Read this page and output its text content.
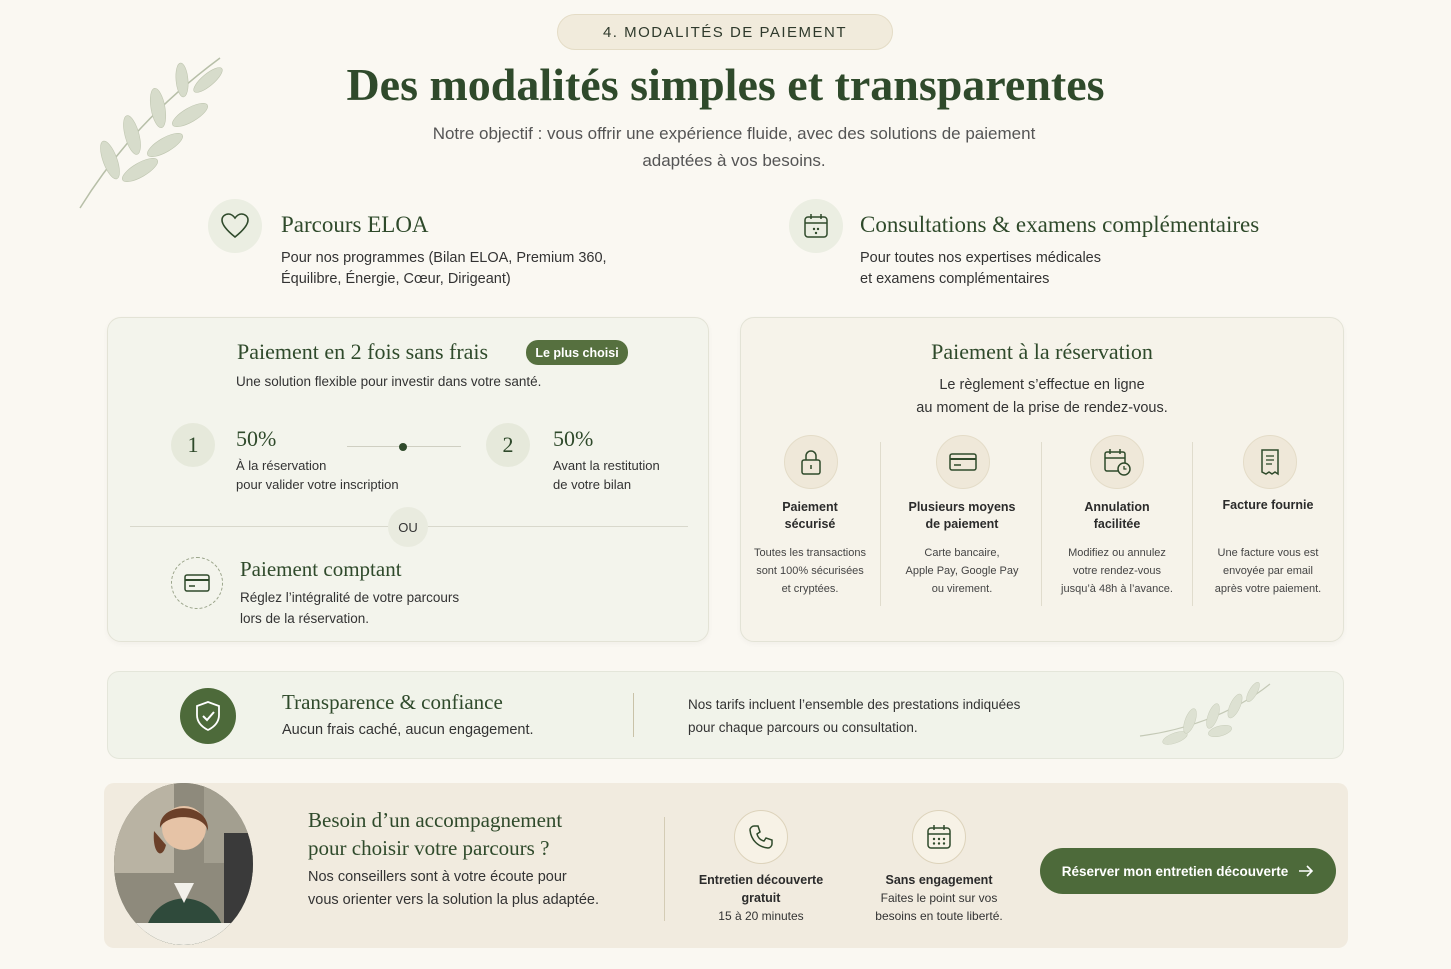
4. MODALITÉS DE PAIEMENT
Des modalités simples et transparentes
Notre objectif : vous offrir une expérience fluide, avec des solutions de paiement
adaptées à vos besoins.
Parcours ELOA
Pour nos programmes (Bilan ELOA, Premium 360,
Équilibre, Énergie, Cœur, Dirigeant)
Consultations & examens complémentaires
Pour toutes nos expertises médicales
et examens complémentaires
Paiement en 2 fois sans frais	Le plus choisi
Une solution flexible pour investir dans votre santé.
1	50%
À la réservation
pour valider votre inscription
2	50%
Avant la restitution
de votre bilan
OU
Paiement comptant
Réglez l’intégralité de votre parcours
lors de la réservation.
Paiement à la réservation
Le règlement s’effectue en ligne
au moment de la prise de rendez-vous.
Paiement
sécurisé
Toutes les transactions
sont 100% sécurisées
et cryptées.
Plusieurs moyens
de paiement
Carte bancaire,
Apple Pay, Google Pay
ou virement.
Annulation
facilitée
Modifiez ou annulez
votre rendez-vous
jusqu’à 48h à l’avance.
Facture fournie
Une facture vous est
envoyée par email
après votre paiement.
Transparence & confiance
Aucun frais caché, aucun engagement.
Nos tarifs incluent l’ensemble des prestations indiquées
pour chaque parcours ou consultation.
Besoin d’un accompagnement
pour choisir votre parcours ?
Nos conseillers sont à votre écoute pour
vous orienter vers la solution la plus adaptée.
Entretien découverte
gratuit
15 à 20 minutes
Sans engagement
Faites le point sur vos
besoins en toute liberté.
Réserver mon entretien découverte
